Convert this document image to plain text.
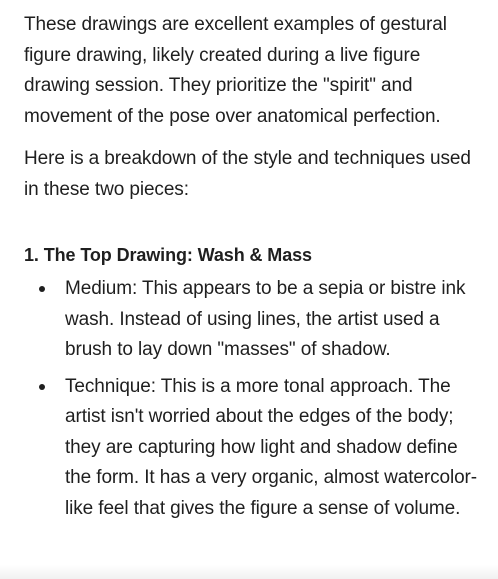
These drawings are excellent examples of gestural figure drawing, likely created during a live figure drawing session. They prioritize the "spirit" and movement of the pose over anatomical perfection.

Here is a breakdown of the style and techniques used in these two pieces:

1. The Top Drawing: Wash & Mass
Medium: This appears to be a sepia or bistre ink wash. Instead of using lines, the artist used a brush to lay down "masses" of shadow.
Technique: This is a more tonal approach. The artist isn't worried about the edges of the body; they are capturing how light and shadow define the form. It has a very organic, almost watercolor-like feel that gives the figure a sense of volume.
